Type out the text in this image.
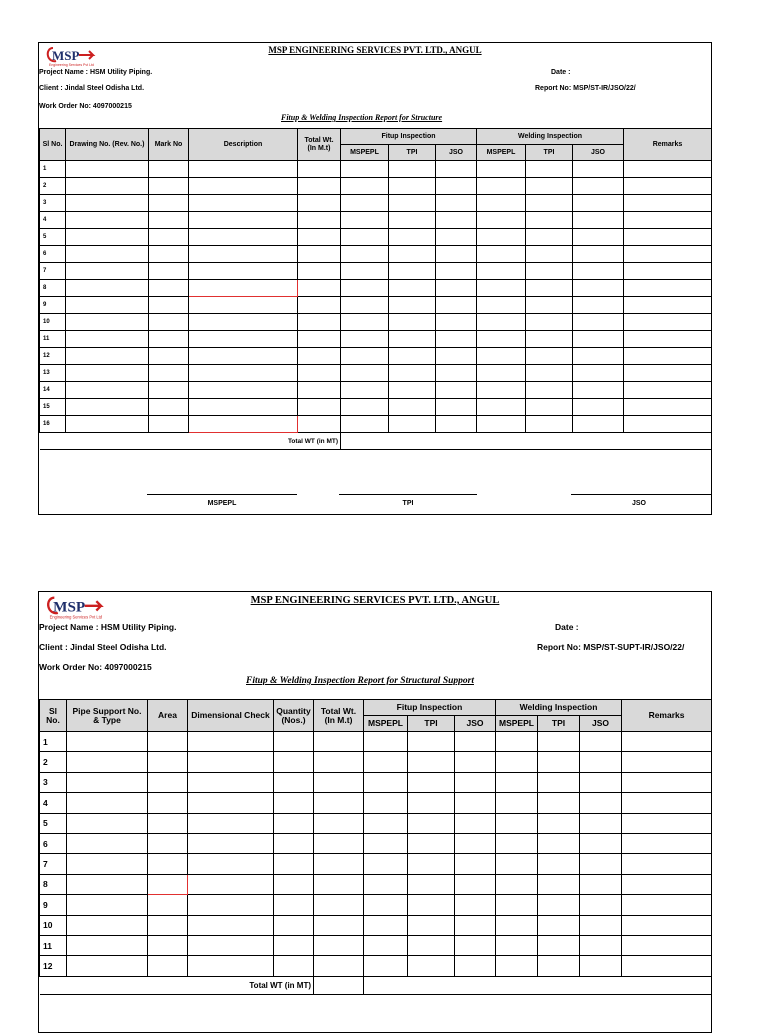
MSP
Engineering Services Pvt Ltd
MSP ENGINEERING SERVICES PVT. LTD., ANGUL
Project Name : HSM Utility Piping.
Client : Jindal Steel Odisha Ltd.
Work Order No: 4097000215
Date :
Report No: MSP/ST-IR/JSO/22/
Fitup & Welding Inspection Report for Structure
Sl No.	Drawing No. (Rev. No.)	Mark No	Description	Total Wt. (In M.t)	Fitup Inspection			Welding Inspection			Remarks
					MSPEPL	TPI	JSO	MSPEPL	TPI	JSO	
1											
2											
3											
4											
5											
6											
7											
8											
9											
10											
11											
12											
13											
14											
15											
16											
Total WT (in MT)											
MSPEPL	TPI	JSO
MSP
Engineering Services Pvt Ltd
MSP ENGINEERING SERVICES PVT. LTD., ANGUL
Project Name : HSM Utility Piping.
Client : Jindal Steel Odisha Ltd.
Work Order No: 4097000215
Date :
Report No: MSP/ST-SUPT-IR/JSO/22/
Fitup & Welding Inspection Report for Structural Support
Sl No.	Pipe Support No. & Type	Area	Dimensional Check	Quantity (Nos.)	Total Wt. (In M.t)	Fitup Inspection			Welding Inspection			Remarks
						MSPEPL	TPI	JSO	MSPEPL	TPI	JSO	
1												
2												
3												
4												
5												
6												
7												
8												
9												
10												
11												
12												
Total WT (in MT)												
